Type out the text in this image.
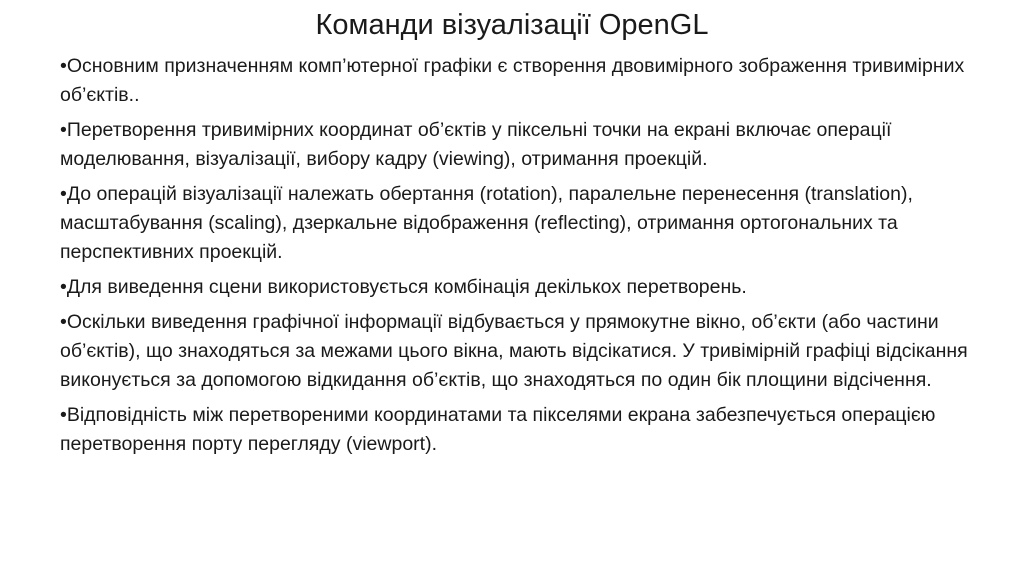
Команди візуалізації OpenGL
•Основним призначенням комп’ютерної графіки є створення двовимірного зображення тривимірних об’єктів..
•Перетворення тривимірних координат об’єктів у піксельні точки на екрані включає операції моделювання, візуалізації, вибору кадру (viewing), отримання проекцій.
•До операцій візуалізації належать обертання (rotation), паралельне перенесення (translation), масштабування (scaling), дзеркальне відображення (reflecting), отримання ортогональних та перспективних проекцій.
•Для виведення сцени використовується комбінація декількох перетворень.
•Оскільки виведення графічної інформації відбувається у прямокутне вікно, об’єкти (або частини об’єктів), що знаходяться за межами цього вікна, мають відсікатися. У тривімірній графіці відсікання виконується за допомогою відкидання об’єктів, що знаходяться по один бік площини відсічення.
•Відповідність між перетвореними координатами та пікселями екрана забезпечується операцією перетворення порту перегляду (viewport).
